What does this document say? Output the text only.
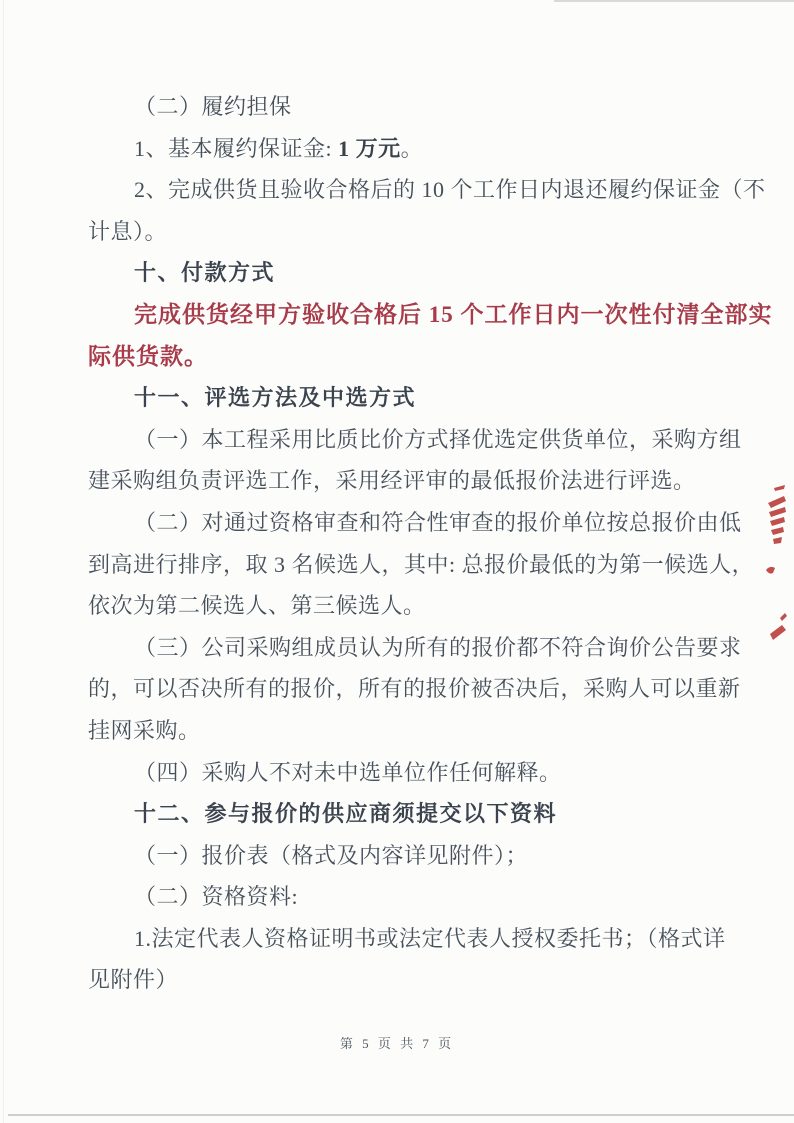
（二）履约担保
1、基本履约保证金: 1 万元。
2、完成供货且验收合格后的 10 个工作日内退还履约保证金（不
计息）。
十、付款方式
完成供货经甲方验收合格后 15 个工作日内一次性付清全部实
际供货款。
十一、评选方法及中选方式
（一）本工程采用比质比价方式择优选定供货单位，采购方组
建采购组负责评选工作，采用经评审的最低报价法进行评选。
（二）对通过资格审查和符合性审查的报价单位按总报价由低
到高进行排序，取 3 名候选人，其中: 总报价最低的为第一候选人，
依次为第二候选人、第三候选人。
（三）公司采购组成员认为所有的报价都不符合询价公告要求
的，可以否决所有的报价，所有的报价被否决后，采购人可以重新
挂网采购。
（四）采购人不对未中选单位作任何解释。
十二、参与报价的供应商须提交以下资料
（一）报价表（格式及内容详见附件）；
（二）资格资料:
1.法定代表人资格证明书或法定代表人授权委托书；（格式详
见附件）
第 5 页 共 7 页
